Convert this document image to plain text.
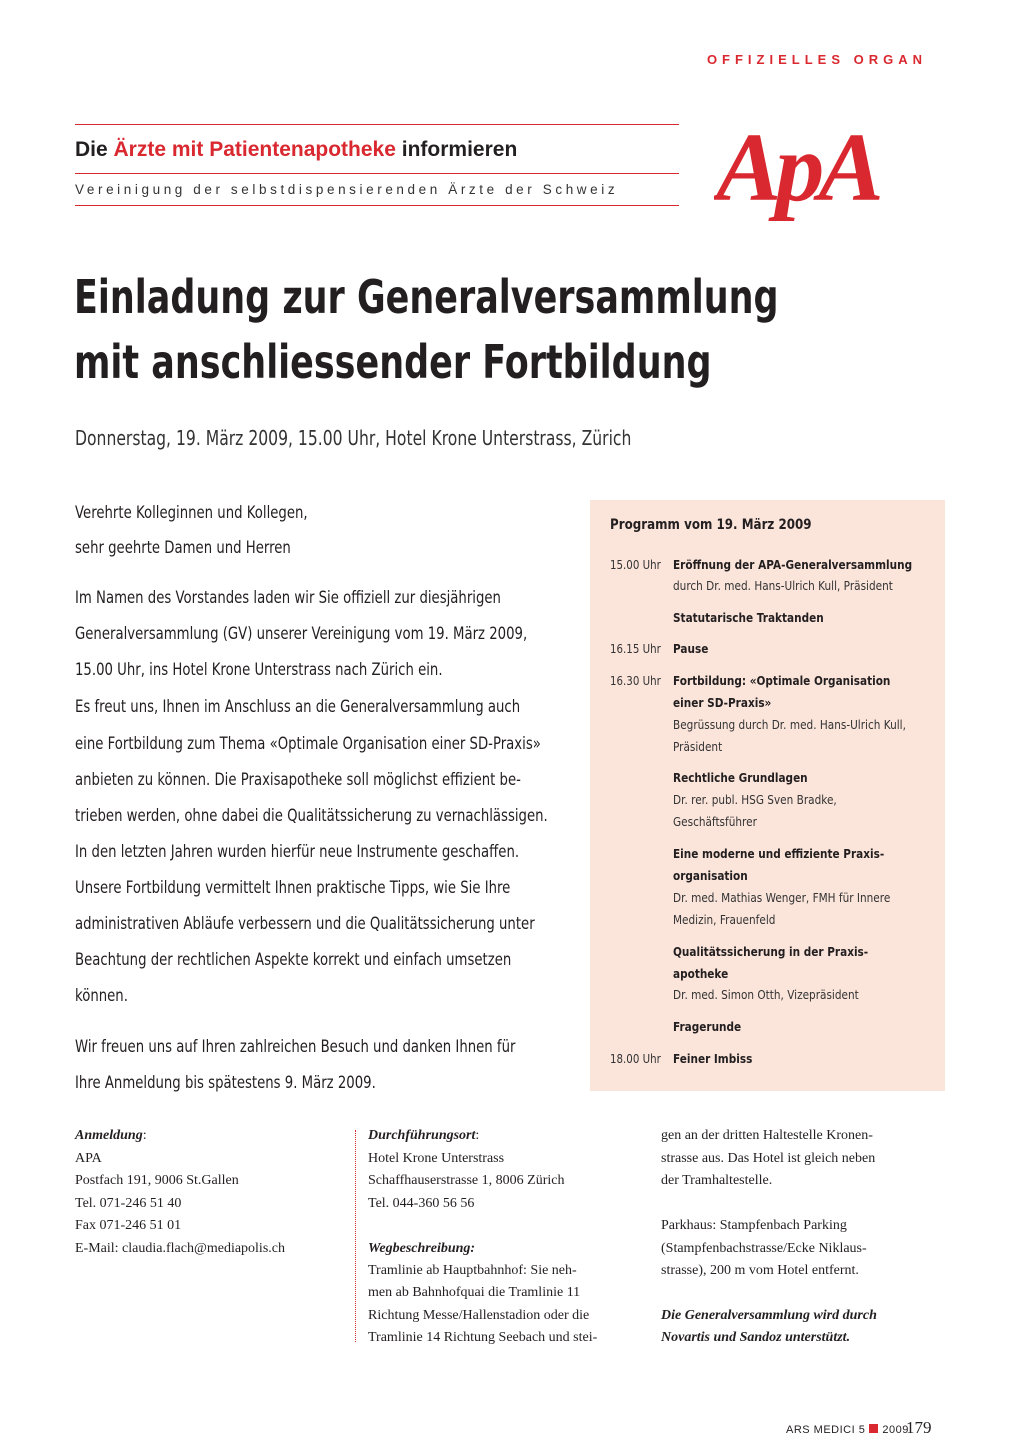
OFFIZIELLES ORGAN
Die Ärzte mit Patientenapotheke informieren
Vereinigung der selbstdispensierenden Ärzte der Schweiz ApA
Einladung zur Generalversammlung
mit anschliessender Fortbildung
Donnerstag, 19. März 2009, 15.00 Uhr, Hotel Krone Unterstrass, Zürich
Verehrte Kolleginnen und Kollegen,
sehr geehrte Damen und Herren
Im Namen des Vorstandes laden wir Sie offiziell zur diesjährigen
Generalversammlung (GV) unserer Vereinigung vom 19. März 2009,
15.00 Uhr, ins Hotel Krone Unterstrass nach Zürich ein.
Es freut uns, Ihnen im Anschluss an die Generalversammlung auch
eine Fortbildung zum Thema «Optimale Organisation einer SD-Praxis»
anbieten zu können. Die Praxisapotheke soll möglichst effizient be-
trieben werden, ohne dabei die Qualitätssicherung zu vernachlässigen.
In den letzten Jahren wurden hierfür neue Instrumente geschaffen.
Unsere Fortbildung vermittelt Ihnen praktische Tipps, wie Sie Ihre
administrativen Abläufe verbessern und die Qualitätssicherung unter
Beachtung der rechtlichen Aspekte korrekt und einfach umsetzen
können.
Wir freuen uns auf Ihren zahlreichen Besuch und danken Ihnen für
Ihre Anmeldung bis spätestens 9. März 2009.
Programm vom 19. März 2009
15.00 Uhr
16.15 Uhr
16.30 Uhr
18.00 Uhr
Eröffnung der APA-Generalversammlung
durch Dr. med. Hans-Ulrich Kull, Präsident
Statutarische Traktanden
Pause
Fortbildung: «Optimale Organisation
einer SD-Praxis»
Begrüssung durch Dr. med. Hans-Ulrich Kull,
Präsident
Rechtliche Grundlagen
Dr. rer. publ. HSG Sven Bradke,
Geschäftsführer
Eine moderne und effiziente Praxis-
organisation
Dr. med. Mathias Wenger, FMH für Innere
Medizin, Frauenfeld
Qualitätssicherung in der Praxis-
apotheke
Dr. med. Simon Otth, Vizepräsident
Fragerunde
Feiner Imbiss
Anmeldung:
APA
Postfach 191, 9006 St.Gallen
Tel. 071-246 51 40
Fax 071-246 51 01
E-Mail: claudia.flach@mediapolis.ch
Durchführungsort:
Hotel Krone Unterstrass
Schaffhauserstrasse 1, 8006 Zürich
Tel. 044-360 56 56
Wegbeschreibung:
Tramlinie ab Hauptbahnhof: Sie neh-
men ab Bahnhofquai die Tramlinie 11
Richtung Messe/Hallenstadion oder die
Tramlinie 14 Richtung Seebach und stei-
gen an der dritten Haltestelle Kronen-
strasse aus. Das Hotel ist gleich neben
der Tramhaltestelle.
Parkhaus: Stampfenbach Parking
(Stampfenbachstrasse/Ecke Niklaus-
strasse), 200 m vom Hotel entfernt.
Die Generalversammlung wird durch
Novartis und Sandoz unterstützt.
ARS MEDICI 5 2009
179
